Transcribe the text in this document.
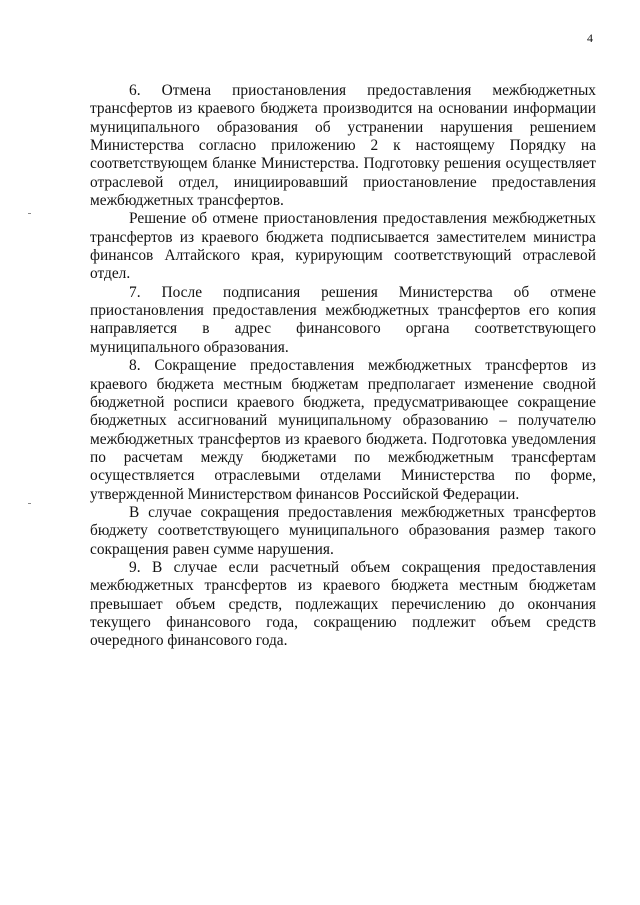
4

6. Отмена приостановления предоставления межбюджетных трансфертов из краевого бюджета производится на основании информации муниципального образования об устранении нарушения решением Министерства согласно приложению 2 к настоящему Порядку на соответствующем бланке Министерства. Подготовку решения осуществляет отраслевой отдел, инициировавший приостановление предоставления межбюджетных трансфертов.

Решение об отмене приостановления предоставления межбюджетных трансфертов из краевого бюджета подписывается заместителем министра финансов Алтайского края, курирующим соответствующий отраслевой отдел.

7. После подписания решения Министерства об отмене приостановления предоставления межбюджетных трансфертов его копия направляется в адрес финансового органа соответствующего муниципального образования.

8. Сокращение предоставления межбюджетных трансфертов из краевого бюджета местным бюджетам предполагает изменение сводной бюджетной росписи краевого бюджета, предусматривающее сокращение бюджетных ассигнований муниципальному образованию – получателю межбюджетных трансфертов из краевого бюджета. Подготовка уведомления по расчетам между бюджетами по межбюджетным трансфертам осуществляется отраслевыми отделами Министерства по форме, утвержденной Министерством финансов Российской Федерации.

В случае сокращения предоставления межбюджетных трансфертов бюджету соответствующего муниципального образования размер такого сокращения равен сумме нарушения.

9. В случае если расчетный объем сокращения предоставления межбюджетных трансфертов из краевого бюджета местным бюджетам превышает объем средств, подлежащих перечислению до окончания текущего финансового года, сокращению подлежит объем средств очередного финансового года.
